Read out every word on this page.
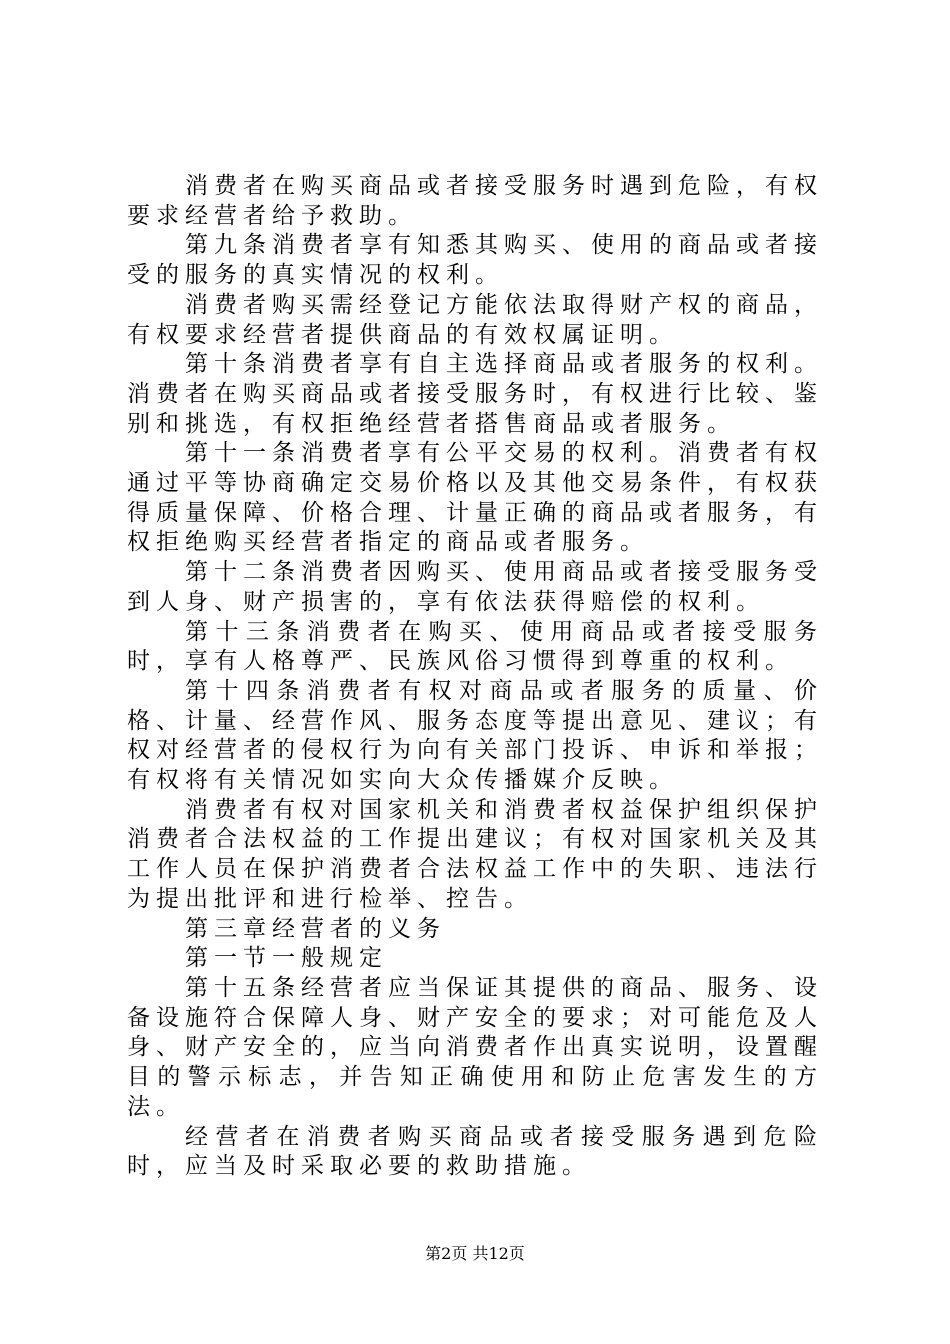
消费者在购买商品或者接受服务时遇到危险，有权要求经营者给予救助。

第九条消费者享有知悉其购买、使用的商品或者接受的服务的真实情况的权利。

消费者购买需经登记方能依法取得财产权的商品，有权要求经营者提供商品的有效权属证明。

第十条消费者享有自主选择商品或者服务的权利。消费者在购买商品或者接受服务时，有权进行比较、鉴别和挑选，有权拒绝经营者搭售商品或者服务。

第十一条消费者享有公平交易的权利。消费者有权通过平等协商确定交易价格以及其他交易条件，有权获得质量保障、价格合理、计量正确的商品或者服务，有权拒绝购买经营者指定的商品或者服务。

第十二条消费者因购买、使用商品或者接受服务受到人身、财产损害的，享有依法获得赔偿的权利。

第十三条消费者在购买、使用商品或者接受服务时，享有人格尊严、民族风俗习惯得到尊重的权利。

第十四条消费者有权对商品或者服务的质量、价格、计量、经营作风、服务态度等提出意见、建议；有权对经营者的侵权行为向有关部门投诉、申诉和举报；有权将有关情况如实向大众传播媒介反映。

消费者有权对国家机关和消费者权益保护组织保护消费者合法权益的工作提出建议；有权对国家机关及其工作人员在保护消费者合法权益工作中的失职、违法行为提出批评和进行检举、控告。

第三章经营者的义务

第一节一般规定

第十五条经营者应当保证其提供的商品、服务、设备设施符合保障人身、财产安全的要求；对可能危及人身、财产安全的，应当向消费者作出真实说明，设置醒目的警示标志，并告知正确使用和防止危害发生的方法。

经营者在消费者购买商品或者接受服务遇到危险时，应当及时采取必要的救助措施。

第2页 共12页
